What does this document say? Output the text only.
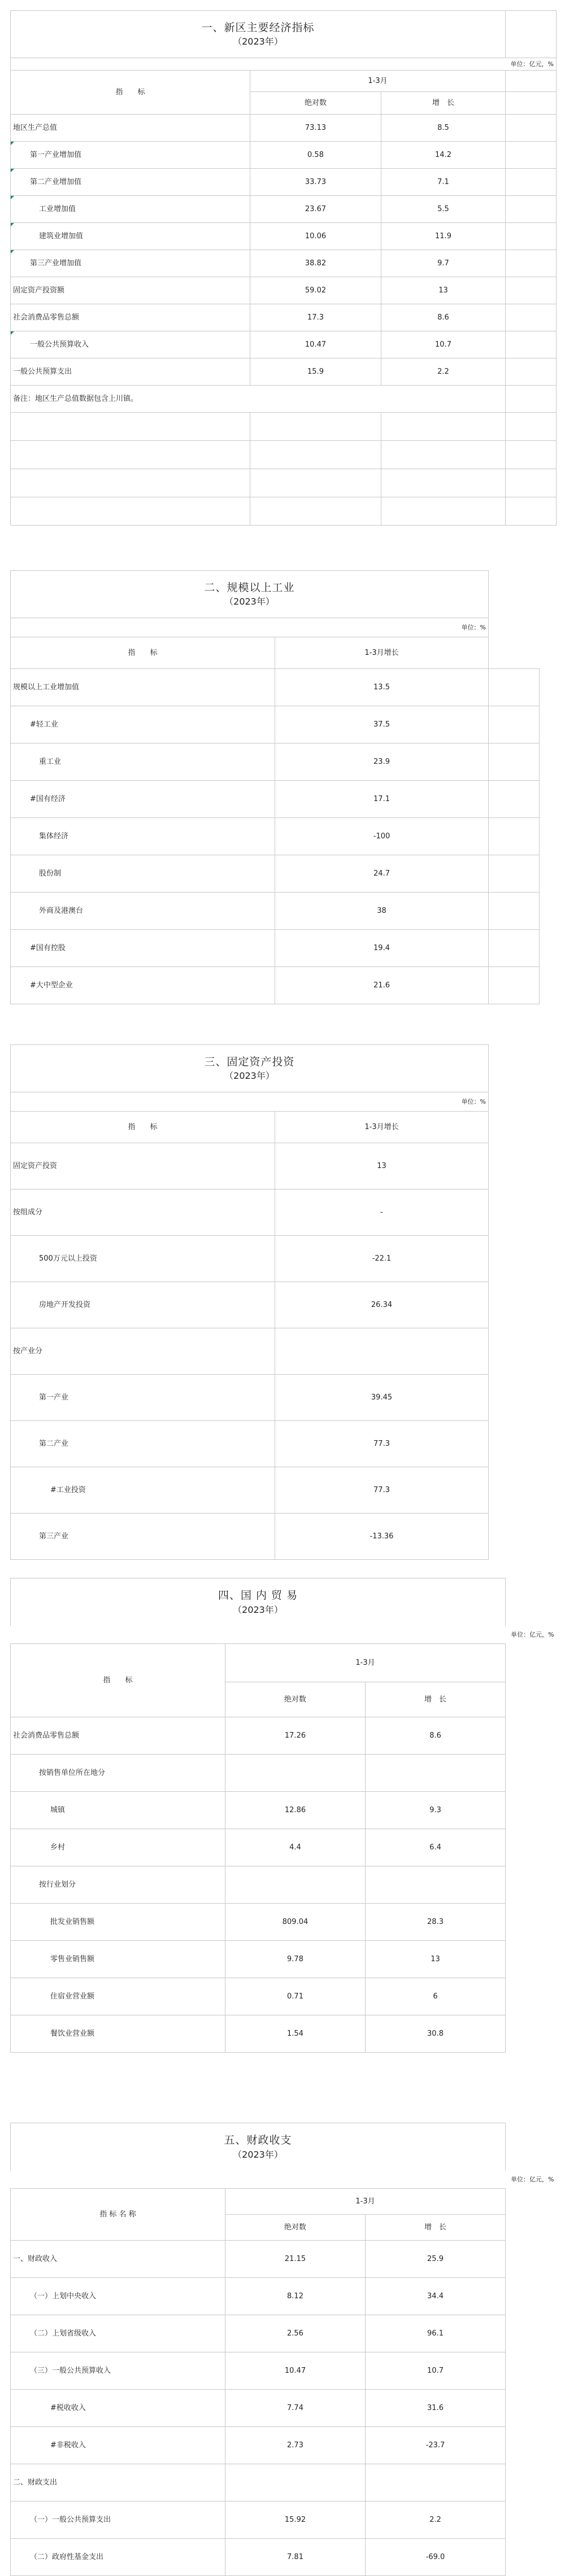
一、新区主要经济指标
（2023年）			

单位：亿元，%			
指　　标	1-3月		
	绝对数	增　长	
地区生产总值	73.13	8.5	
第一产业增加值	0.58	14.2	
第二产业增加值	33.73	7.1	
工业增加值	23.67	5.5	
建筑业增加值	10.06	11.9	
第三产业增加值	38.82	9.7	
固定资产投资额	59.02	13	
社会消费品零售总额	17.3	8.6	
一般公共预算收入	10.47	10.7	
一般公共预算支出	15.9	2.2	
备注：地区生产总值数据包含上川镇。			

二、规模以上工业
（2023年）		

单位：%		
指　　标	1-3月增长	
规模以上工业增加值	13.5	
#轻工业	37.5	
重工业	23.9	
#国有经济	17.1	
集体经济	-100	
股份制	24.7	
外商及港澳台	38	
#国有控股	19.4	
#大中型企业	21.6	
三、固定资产投资
（2023年）	

单位：%	
指　　标	1-3月增长
固定资产投资	13
按组成分	-
500万元以上投资	-22.1
房地产开发投资	26.34
按产业分	
第一产业	39.45
第二产业	77.3
#工业投资	77.3
第三产业	-13.36
四、国 内 贸 易
（2023年）			

单位：亿元，%			
指　　标	1-3月		
	绝对数	增　长	
社会消费品零售总额	17.26	8.6	
按销售单位所在地分			
城镇	12.86	9.3	
乡村	4.4	6.4	
按行业划分			
批发业销售额	809.04	28.3	
零售业销售额	9.78	13	
住宿业营业额	0.71	6	
餐饮业营业额	1.54	30.8	
五、财政收支
（2023年）			

单位：亿元，%			
指 标 名 称	1-3月		
	绝对数	增　长	
一、财政收入	21.15	25.9	
（一）上划中央收入	8.12	34.4	
（二）上划省级收入	2.56	96.1	
（三）一般公共预算收入	10.47	10.7	
#税收收入	7.74	31.6	
#非税收入	2.73	-23.7	
二、财政支出			
（一）一般公共预算支出	15.92	2.2	
（二）政府性基金支出	7.81	-69.0	
